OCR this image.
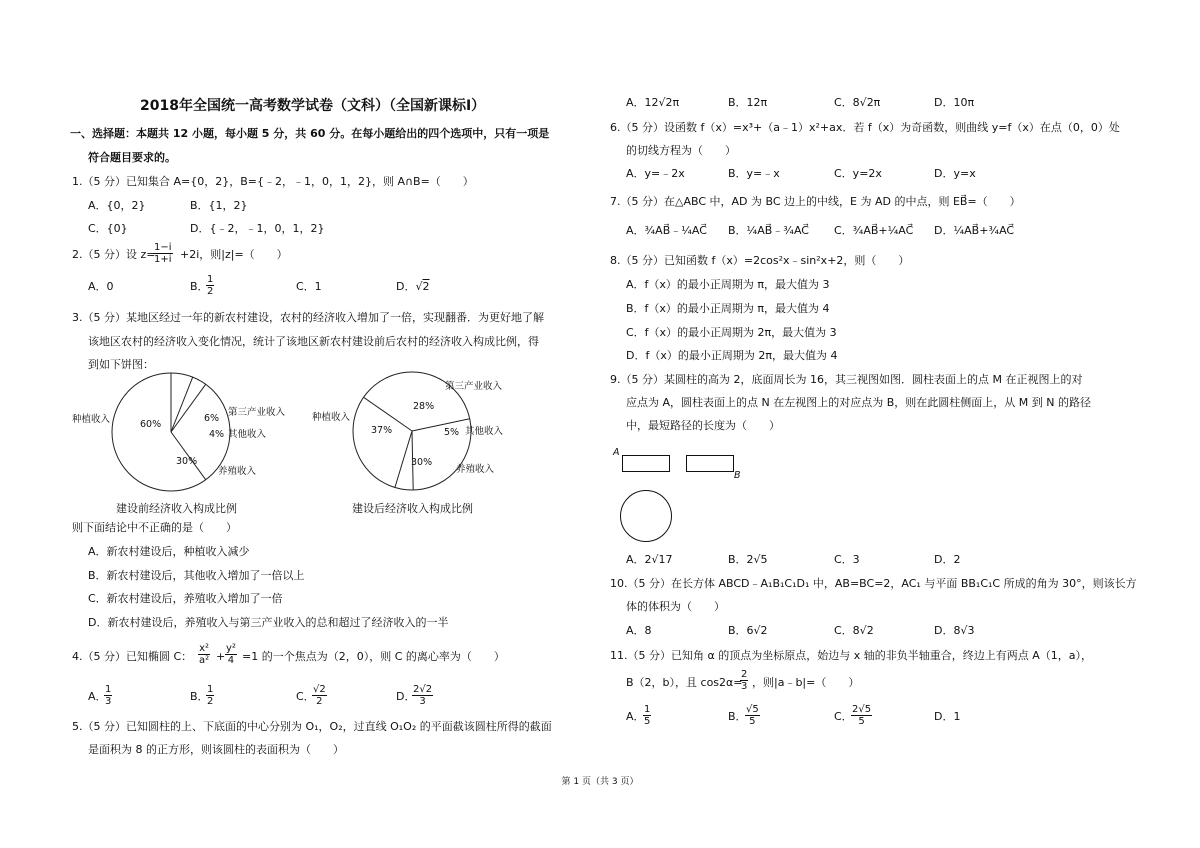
2018年全国统一高考数学试卷（文科）（全国新课标Ⅰ）
一、选择题：本题共 12 小题，每小题 5 分，共 60 分。在每小题给出的四个选项中，只有一项是
符合题目要求的。
1.（5 分）已知集合 A={0，2}，B={﹣2，﹣1，0，1，2}，则 A∩B=（　　）
A．{0，2}	B．{1，2}
C．{0}	D．{﹣2，﹣1，0，1，2}
2.（5 分）设 z=
$\frac{1-i}{1+i} +2i$，则|z|=（　　）
A．0	B．
$\frac{1}{2}$	C．1	D．√2
3.（5 分）某地区经过一年的新农村建设，农村的经济收入增加了一倍，实现翻番．为更好地了解
该地区农村的经济收入变化情况，统计了该地区新农村建设前后农村的经济收入构成比例，得
到如下饼图：
种植收入
第三产业收入
其他收入
养殖收入
60%
6%
4%
30%
建设前经济收入构成比例
种植收入
第三产业收入
其他收入
养殖收入
37%
28%
5%
30%
建设后经济收入构成比例
则下面结论中不正确的是（　　）
A．新农村建设后，种植收入减少
B．新农村建设后，其他收入增加了一倍以上
C．新农村建设后，养殖收入增加了一倍
D．新农村建设后，养殖收入与第三产业收入的总和超过了经济收入的一半
4.（5 分）已知椭圆 C： $\frac{\text{x²}}{\text{a²}} + \frac{\text{y²}}{4} =1$ 的一个焦点为（2，0），则 C 的离心率为（　　）
A．
$\frac{1}{3}$	B．
$\frac{1}{2}$	C．
$\frac{√2}{2}$	D．
$\frac{2√2}{3}$
5.（5 分）已知圆柱的上、下底面的中心分别为 O₁，O₂，过直线 O₁O₂ 的平面截该圆柱所得的截面
是面积为 8 的正方形，则该圆柱的表面积为（　　）
A．12√2π	B．12π	C．8√2π	D．10π
6.（5 分）设函数 f（x）=x³+（a﹣1）x²+ax．若 f（x）为奇函数，则曲线 y=f（x）在点（0，0）处
的切线方程为（　　）
A．y=﹣2x	B．y=﹣x	C．y=2x	D．y=x
7.（5 分）在△ABC 中，AD 为 BC 边上的中线，E 为 AD 的中点，则 EB⃗=（　　）
A．¾AB⃗﹣¼AC⃗ B．¼AB⃗﹣¾AC⃗ C．¾AB⃗+¼AC⃗ D．¼AB⃗+¾AC⃗
8.（5 分）已知函数 f（x）=2cos²x﹣sin²x+2，则（　　）
A．f（x）的最小正周期为 π，最大值为 3
B．f（x）的最小正周期为 π，最大值为 4
C．f（x）的最小正周期为 2π，最大值为 3
D．f（x）的最小正周期为 2π，最大值为 4
9.（5 分）某圆柱的高为 2，底面周长为 16，其三视图如图．圆柱表面上的点 M 在正视图上的对
应点为 A，圆柱表面上的点 N 在左视图上的对应点为 B，则在此圆柱侧面上，从 M 到 N 的路径
中，最短路径的长度为（　　）
A
B
A．2√17	B．2√5	C．3	D．2
10.（5 分）在长方体 ABCD﹣A₁B₁C₁D₁ 中，AB=BC=2，AC₁ 与平面 BB₁C₁C 所成的角为 30°，则该长方
体的体积为（　　）
A．8	B．6√2	C．8√2	D．8√3
11.（5 分）已知角 α 的顶点为坐标原点，始边与 x 轴的非负半轴重合，终边上有两点 A（1，a），
B（2，b），且 cos2α=
$\frac{2}{3}$ ，则|a﹣b|=（　　）
A．
$\frac{1}{5}$	B．
$\frac{√5}{5}$	C．
$\frac{2√5}{5}$	D．1
第 1 页（共 3 页）
